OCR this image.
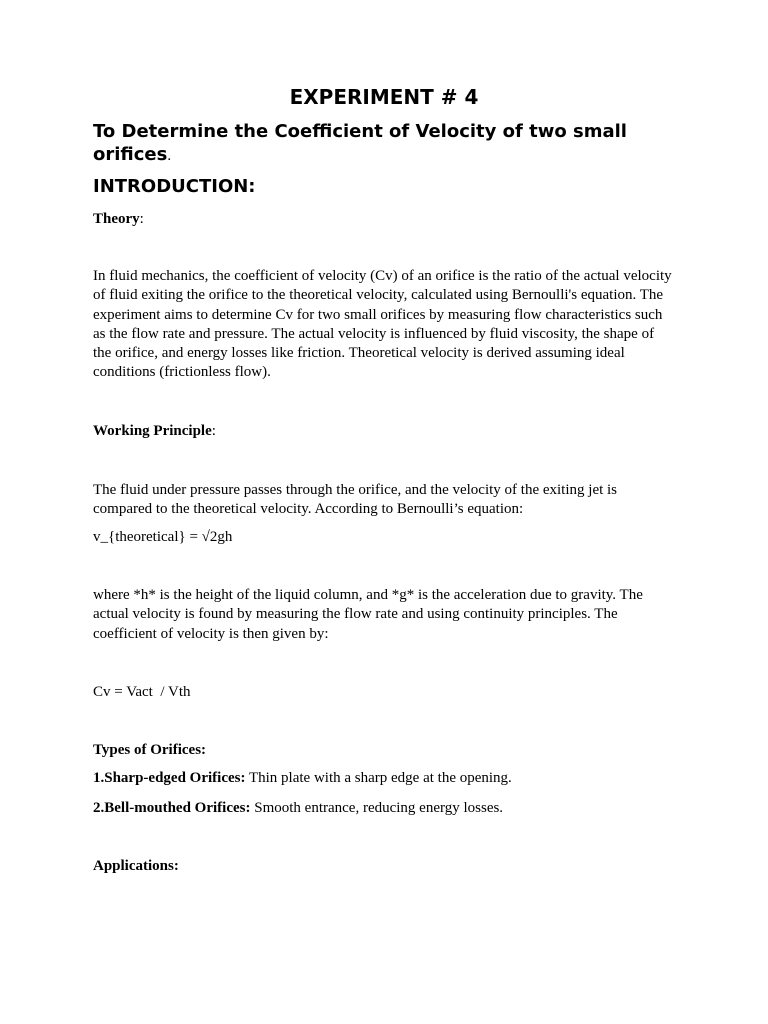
EXPERIMENT # 4
To Determine the Coefficient of Velocity of two small orifices.
INTRODUCTION:
Theory:

In fluid mechanics, the coefficient of velocity (Cv) of an orifice is the ratio of the actual velocity of fluid exiting the orifice to the theoretical velocity, calculated using Bernoulli's equation. The experiment aims to determine Cv for two small orifices by measuring flow characteristics such as the flow rate and pressure. The actual velocity is influenced by fluid viscosity, the shape of the orifice, and energy losses like friction. Theoretical velocity is derived assuming ideal conditions (frictionless flow).

Working Principle:

The fluid under pressure passes through the orifice, and the velocity of the exiting jet is compared to the theoretical velocity. According to Bernoulli’s equation:

v_{theoretical} = √2gh

where *h* is the height of the liquid column, and *g* is the acceleration due to gravity. The actual velocity is found by measuring the flow rate and using continuity principles. The coefficient of velocity is then given by:

Cv = Vact  / Vth
Types of Orifices:
1.Sharp-edged Orifices: Thin plate with a sharp edge at the opening.
2.Bell-mouthed Orifices: Smooth entrance, reducing energy losses.
Applications:
